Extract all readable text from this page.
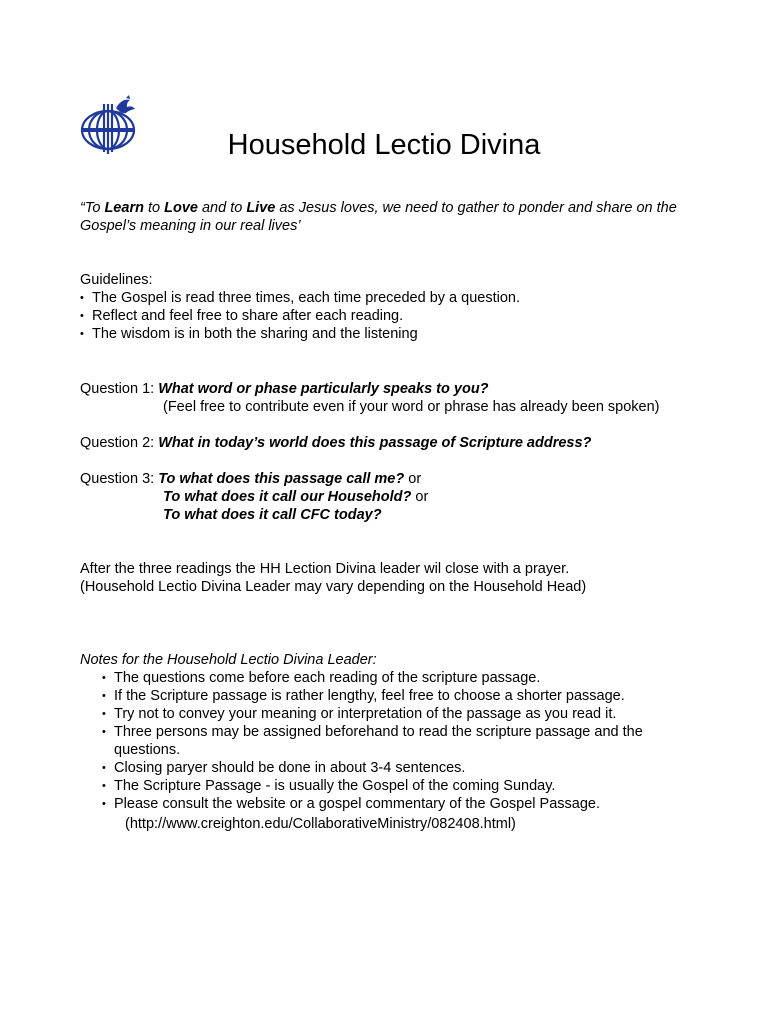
Household Lectio Divina
“To Learn to Love and to Live as Jesus loves, we need to gather to ponder and share on the Gospel’s meaning in our real lives’
Guidelines:
• The Gospel is read three times, each time preceded by a question.
• Reflect and feel free to share after each reading.
• The wisdom is in both the sharing and the listening
Question 1: What word or phase particularly speaks to you?
(Feel free to contribute even if your word or phrase has already been spoken)
Question 2: What in today’s world does this passage of Scripture address?
Question 3: To what does this passage call me? or
To what does it call our Household? or
To what does it call CFC today?
After the three readings the HH Lection Divina leader wil close with a prayer.
(Household Lectio Divina Leader may vary depending on the Household Head)
Notes for the Household Lectio Divina Leader:
• The questions come before each reading of the scripture passage.
• If the Scripture passage is rather lengthy, feel free to choose a shorter passage.
• Try not to convey your meaning or interpretation of the passage as you read it.
• Three persons may be assigned beforehand to read the scripture passage and the questions.
• Closing paryer should be done in about 3-4 sentences.
• The Scripture Passage - is usually the Gospel of the coming Sunday.
• Please consult the website or a gospel commentary of the Gospel Passage.
(http://www.creighton.edu/CollaborativeMinistry/082408.html)
